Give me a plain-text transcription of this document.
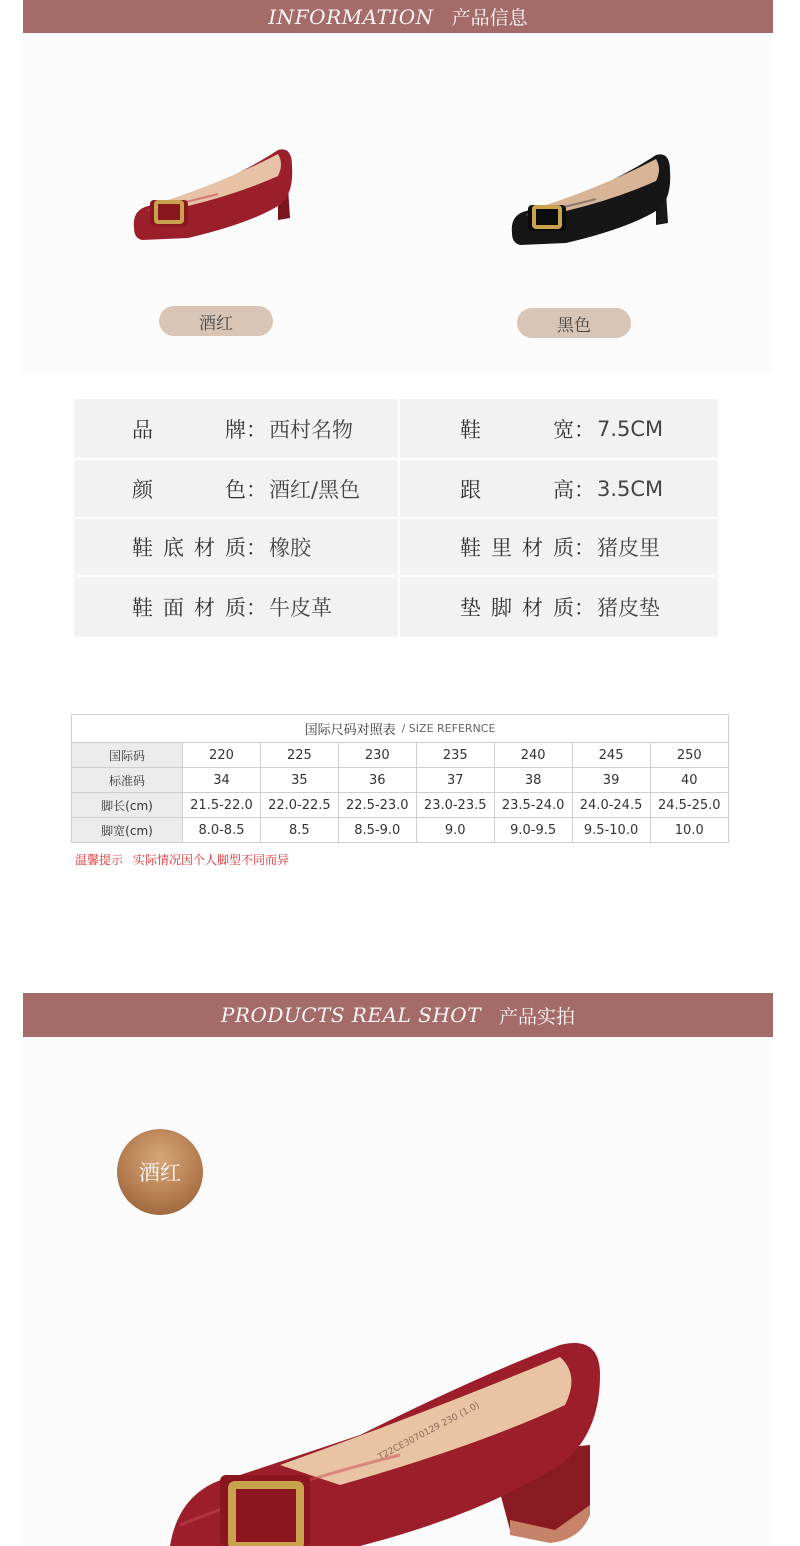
INFORMATION 产品信息
酒红	黑色
品牌 ： 西村名物	鞋宽 ： 7.5CM
颜色 ： 酒红/黑色	跟高 ： 3.5CM
鞋底材质 ： 橡胶	鞋里材质 ： 猪皮里
鞋面材质 ： 牛皮革	垫脚材质 ： 猪皮垫
国际尺码对照表 / SIZE REFERNCE
国际码	220	225	230	235	240	245	250
标准码	34	35	36	37	38	39	40
脚长(cm)	21.5-22.0	22.0-22.5	22.5-23.0	23.0-23.5	23.5-24.0	24.0-24.5	24.5-25.0
脚宽(cm)	8.0-8.5	8.5	8.5-9.0	9.0	9.0-9.5	9.5-10.0	10.0
温馨提示 实际情况因个人脚型不同而异
PRODUCTS REAL SHOT 产品实拍
酒红
T22CE3070129 230 (1.0)
